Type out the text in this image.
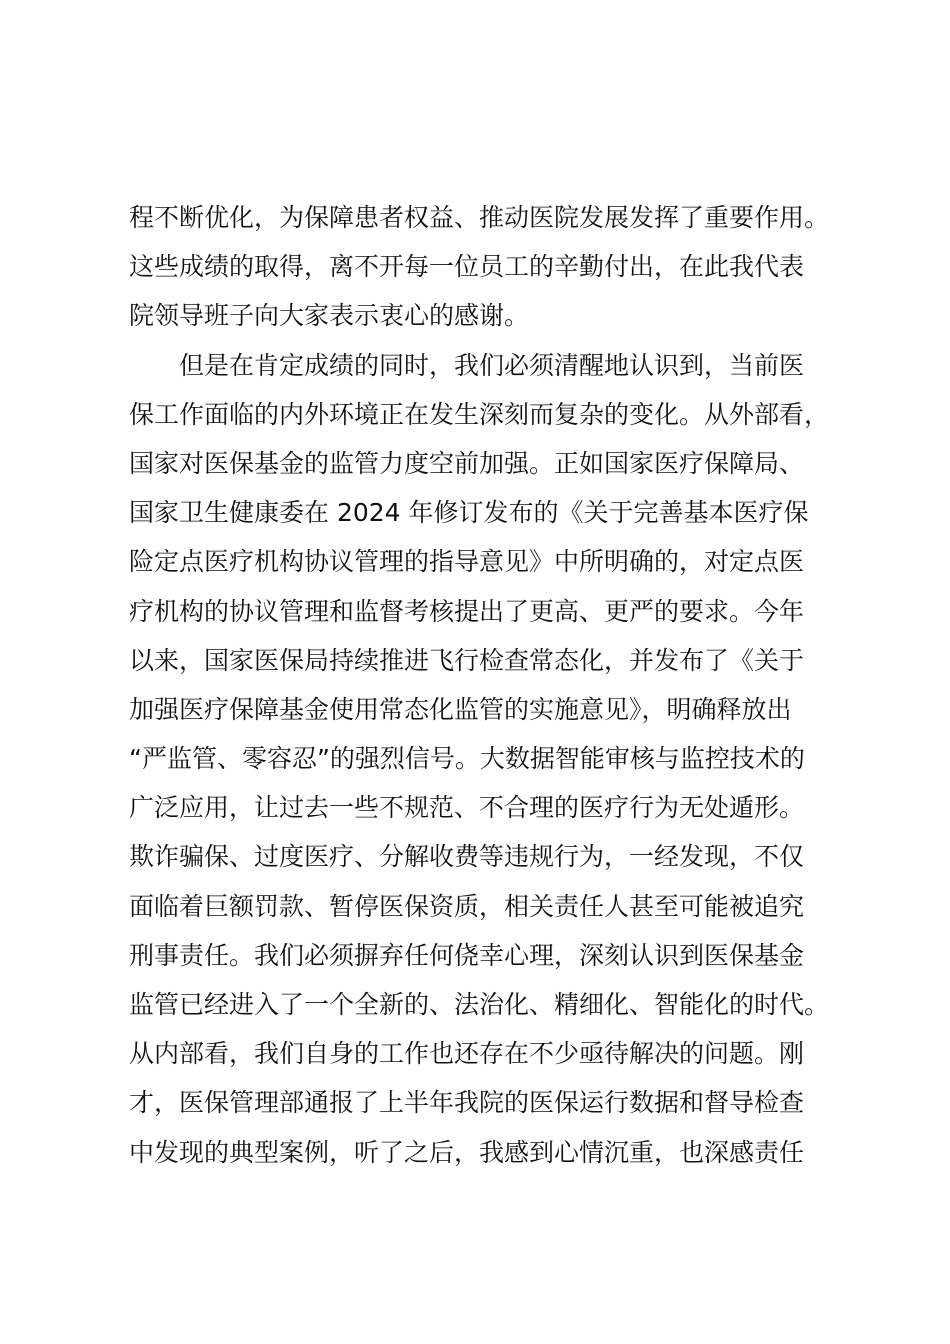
程不断优化，为保障患者权益、推动医院发展发挥了重要作用。
这些成绩的取得，离不开每一位员工的辛勤付出，在此我代表
院领导班子向大家表示衷心的感谢。
但是在肯定成绩的同时，我们必须清醒地认识到，当前医
保工作面临的内外环境正在发生深刻而复杂的变化。从外部看，
国家对医保基金的监管力度空前加强。正如国家医疗保障局、
国家卫生健康委在 2024 年修订发布的《关于完善基本医疗保
险定点医疗机构协议管理的指导意见》中所明确的，对定点医
疗机构的协议管理和监督考核提出了更高、更严的要求。今年
以来，国家医保局持续推进飞行检查常态化，并发布了《关于
加强医疗保障基金使用常态化监管的实施意见》，明确释放出
“严监管、零容忍”的强烈信号。大数据智能审核与监控技术的
广泛应用，让过去一些不规范、不合理的医疗行为无处遁形。
欺诈骗保、过度医疗、分解收费等违规行为，一经发现，不仅
面临着巨额罚款、暂停医保资质，相关责任人甚至可能被追究
刑事责任。我们必须摒弃任何侥幸心理，深刻认识到医保基金
监管已经进入了一个全新的、法治化、精细化、智能化的时代。
从内部看，我们自身的工作也还存在不少亟待解决的问题。刚
才，医保管理部通报了上半年我院的医保运行数据和督导检查
中发现的典型案例，听了之后，我感到心情沉重，也深感责任
